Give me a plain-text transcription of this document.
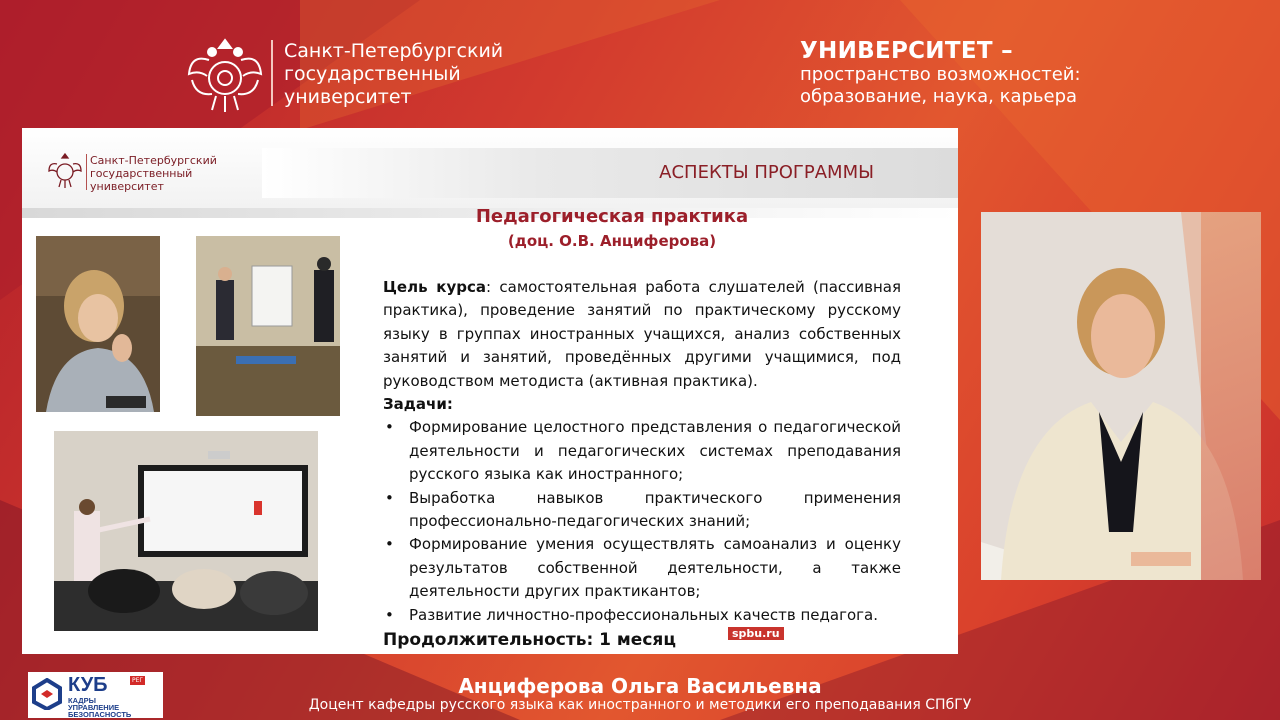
Санкт-Петербургский
государственный
университет
УНИВЕРСИТЕТ –
пространство возможностей:
образование, наука, карьера
Санкт-Петербургский
государственный
университет
АСПЕКТЫ ПРОГРАММЫ
Педагогическая практика
(доц. О.В. Анциферова)
Цель курса: самостоятельная работа слушателей (пассивная практика), проведение занятий по практическому русскому языку в группах иностранных учащихся, анализ собственных занятий и занятий, проведённых другими учащимися, под руководством методиста (активная практика).
Задачи:
• Формирование целостного представления о педагогической деятельности и педагогических системах преподавания русского языка как иностранного;
• Выработка навыков практического применения профессионально-педагогических знаний;
• Формирование умения осуществлять самоанализ и оценку результатов собственной деятельности, а также деятельности других практикантов;
• Развитие личностно-профессиональных качеств педагога.
Продолжительность: 1 месяц	spbu.ru
КУБ	РЕГ
КАДРЫ
УПРАВЛЕНИЕ
БЕЗОПАСНОСТЬ
Анциферова Ольга Васильевна
Доцент кафедры русского языка как иностранного и методики его преподавания СПбГУ
